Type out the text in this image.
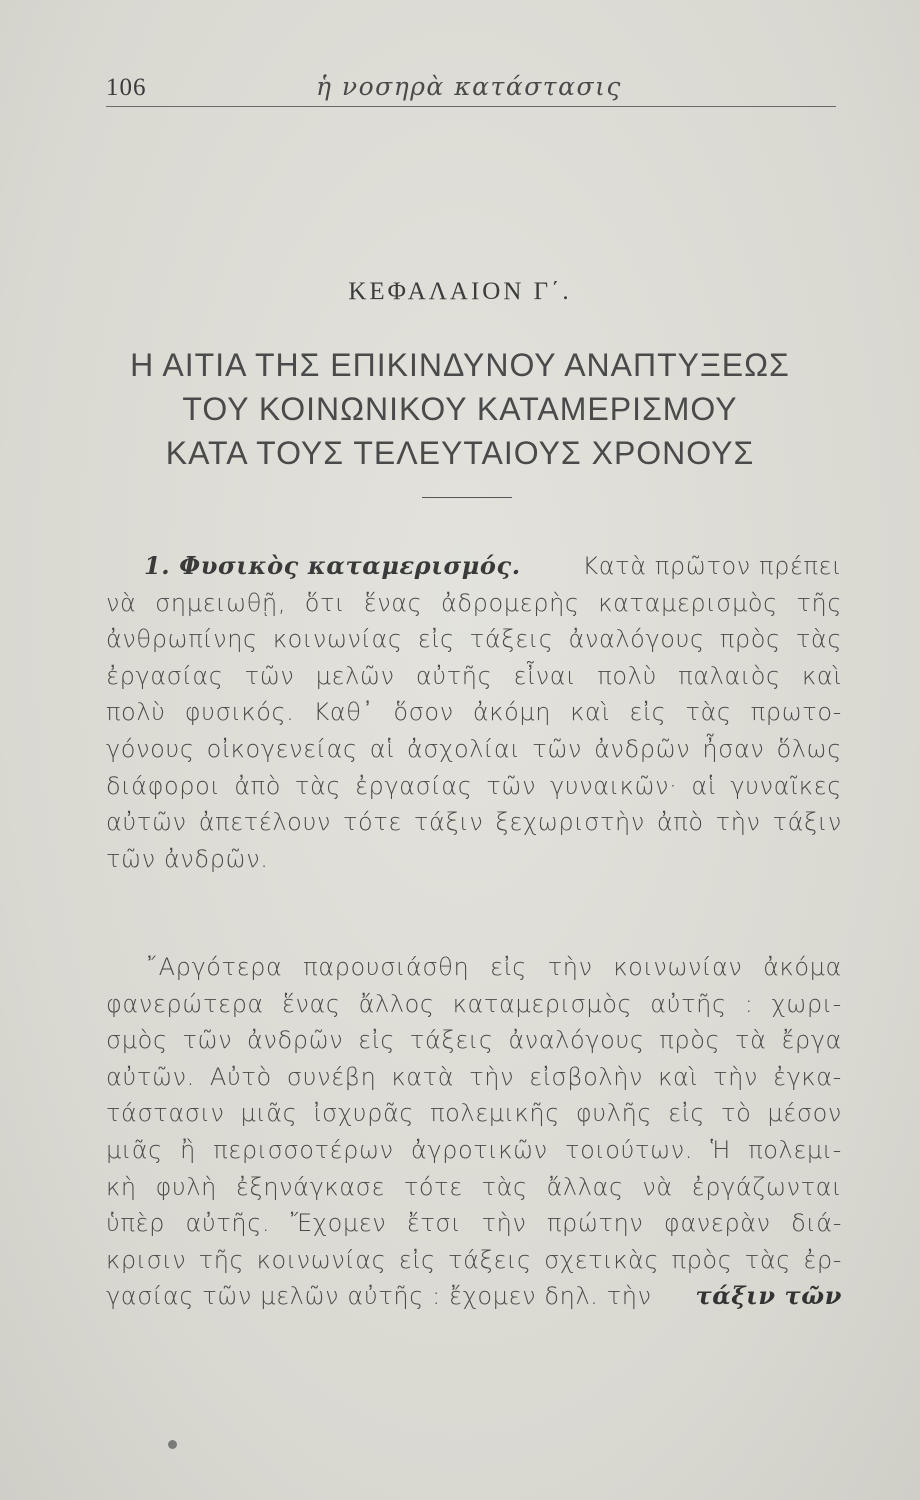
106	ἡ νοσηρὰ κατάστασις
ΚΕΦΑΛΑΙΟΝ Γ΄.
Η ΑΙΤΙΑ ΤΗΣ ΕΠΙΚΙΝΔΥΝΟΥ ΑΝΑΠΤΥΞΕΩΣ
ΤΟΥ ΚΟΙΝΩΝΙΚΟΥ ΚΑΤΑΜΕΡΙΣΜΟΥ
ΚΑΤΑ ΤΟΥΣ ΤΕΛΕΥΤΑΙΟΥΣ ΧΡΟΝΟΥΣ
1. Φυσικὸς καταμερισμός.	Κατὰ πρῶτον πρέπει
νὰ σημειωθῇ, ὅτι ἕνας ἀδρομερὴς καταμερισμὸς τῆς
ἀνθρωπίνης κοινωνίας εἰς τάξεις ἀναλόγους πρὸς τὰς
ἐργασίας τῶν μελῶν αὐτῆς εἶναι πολὺ παλαιὸς καὶ
πολὺ φυσικός. Καθ᾽ ὅσον ἀκόμη καὶ εἰς τὰς πρωτο-
γόνους οἰκογενείας αἱ ἀσχολίαι τῶν ἀνδρῶν ἦσαν ὅλως
διάφοροι ἀπὸ τὰς ἐργασίας τῶν γυναικῶν· αἱ γυναῖκες
αὐτῶν ἀπετέλουν τότε τάξιν ξεχωριστὴν ἀπὸ τὴν τάξιν
τῶν ἀνδρῶν.
῎Αργότερα παρουσιάσθη εἰς τὴν κοινωνίαν ἀκόμα
φανερώτερα ἕνας ἄλλος καταμερισμὸς αὐτῆς : χωρι-
σμὸς τῶν ἀνδρῶν εἰς τάξεις ἀναλόγους πρὸς τὰ ἔργα
αὐτῶν. Αὐτὸ συνέβη κατὰ τὴν εἰσβολὴν καὶ τὴν ἐγκα-
τάστασιν μιᾶς ἰσχυρᾶς πολεμικῆς φυλῆς εἰς τὸ μέσον
μιᾶς ἢ περισσοτέρων ἀγροτικῶν τοιούτων. Ἡ πολεμι-
κὴ φυλὴ ἐξηνάγκασε τότε τὰς ἄλλας νὰ ἐργάζωνται
ὑπὲρ αὐτῆς. Ἔχομεν ἔτσι τὴν πρώτην φανερὰν διά-
κρισιν τῆς κοινωνίας εἰς τάξεις σχετικὰς πρὸς τὰς ἐρ-
γασίας τῶν μελῶν αὐτῆς : ἔχομεν δηλ. τὴν τάξιν τῶν
